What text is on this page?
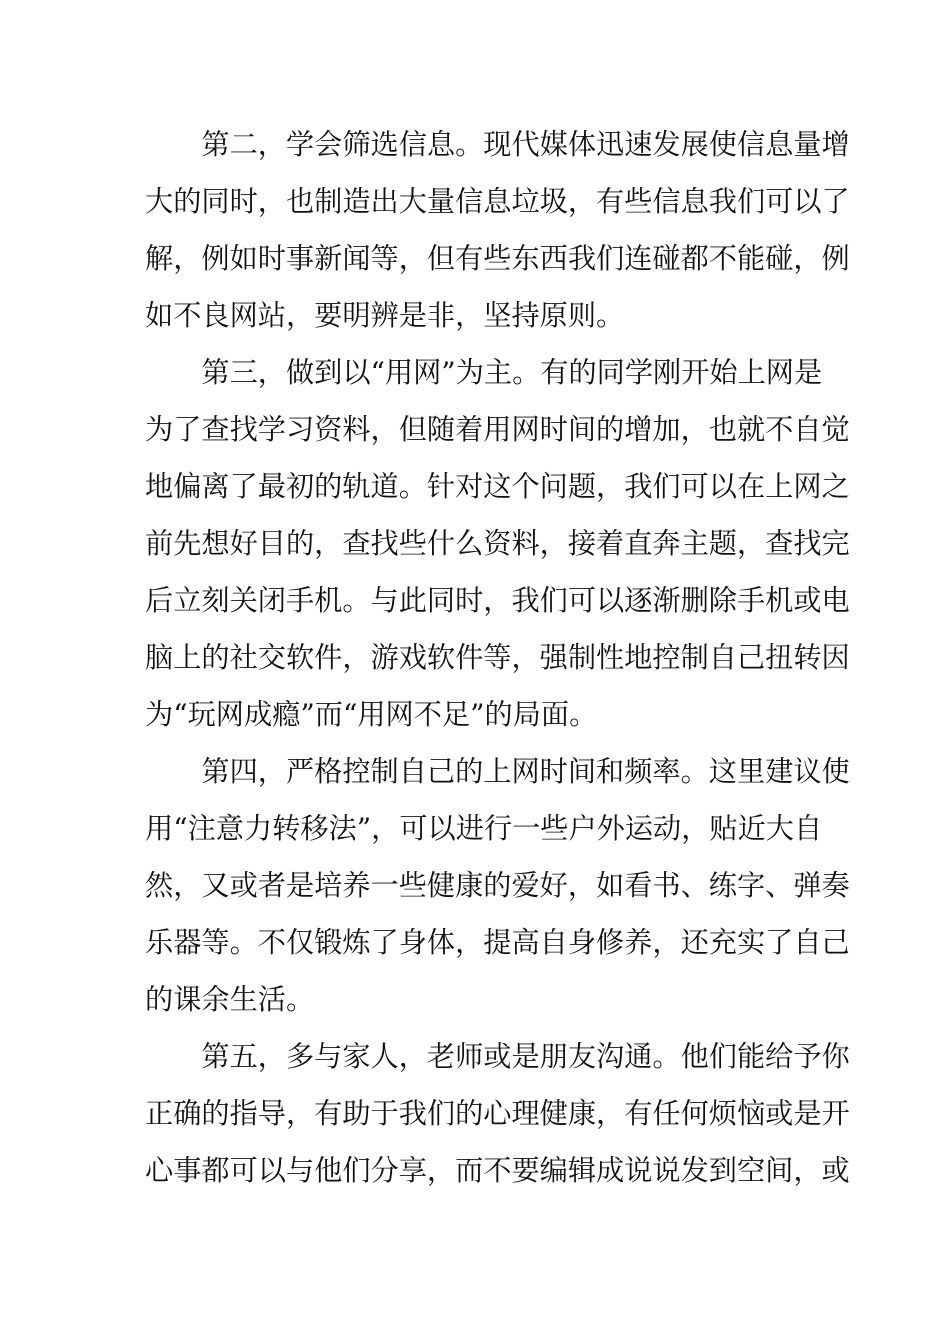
第二，学会筛选信息。现代媒体迅速发展使信息量增
大的同时，也制造出大量信息垃圾，有些信息我们可以了
解，例如时事新闻等，但有些东西我们连碰都不能碰，例
如不良网站，要明辨是非，坚持原则。

第三，做到以“用网”为主。有的同学刚开始上网是
为了查找学习资料，但随着用网时间的增加，也就不自觉
地偏离了最初的轨道。针对这个问题，我们可以在上网之
前先想好目的，查找些什么资料，接着直奔主题，查找完
后立刻关闭手机。与此同时，我们可以逐渐删除手机或电
脑上的社交软件，游戏软件等，强制性地控制自己扭转因
为“玩网成瘾”而“用网不足”的局面。

第四，严格控制自己的上网时间和频率。这里建议使
用“注意力转移法”，可以进行一些户外运动，贴近大自
然，又或者是培养一些健康的爱好，如看书、练字、弹奏
乐器等。不仅锻炼了身体，提高自身修养，还充实了自己
的课余生活。

第五，多与家人，老师或是朋友沟通。他们能给予你
正确的指导，有助于我们的心理健康，有任何烦恼或是开
心事都可以与他们分享，而不要编辑成说说发到空间，或
